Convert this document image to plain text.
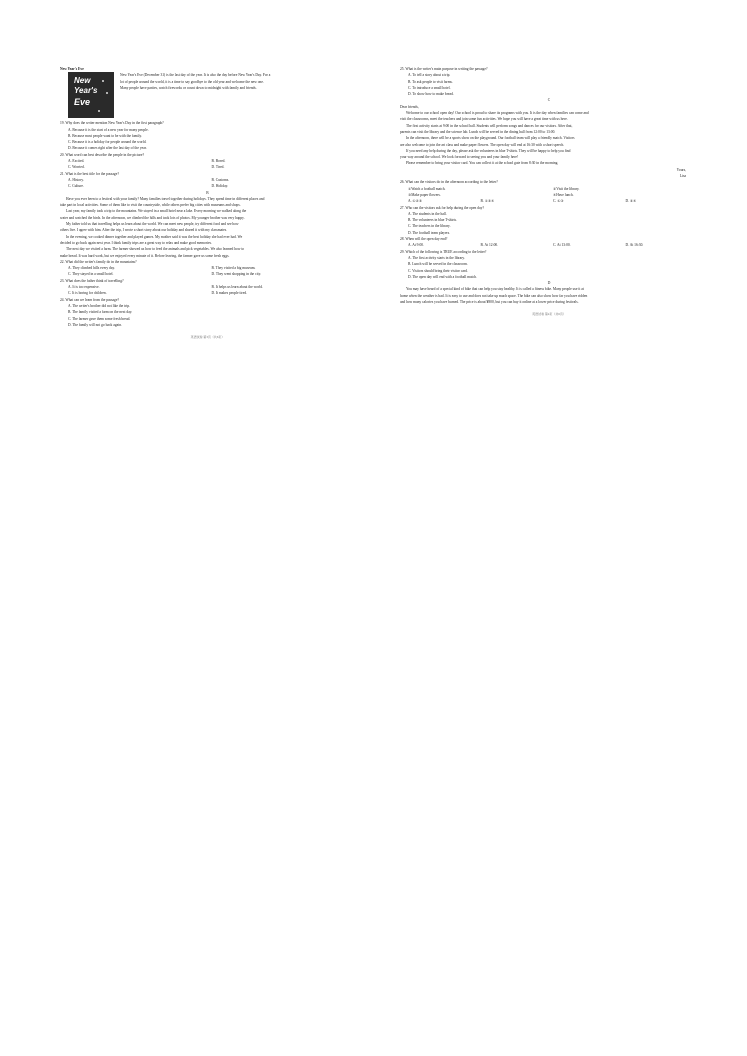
New Year's Eve
New
Year's
Eve
New Year's Eve (December 31) is the last day of the year. It is also the day before New Year's Day. For a
lot of people around the world, it is a time to say goodbye to the old year and welcome the new one.
Many people have parties, watch fireworks or count down to midnight with family and friends.
19. Why does the writer mention New Year's Day in the first paragraph?
A. Because it is the start of a new year for many people.
B. Because most people want to be with the family.
C. Because it is a holiday for people around the world.
D. Because it comes right after the last day of the year.
20. What word can best describe the people in the picture?
A. Excited.	B. Bored.
C. Worried.	D. Tired.
21. What is the best title for the passage?
A. History.	B. Customs.
C. Culture.	D. Holiday.
B
Have you ever been to a festival with your family? Many families travel together during holidays. They spend time in different places and
take part in local activities. Some of them like to visit the countryside, while others prefer big cities with museums and shops.
Last year, my family took a trip to the mountains. We stayed in a small hotel near a lake. Every morning we walked along the
water and watched the birds. In the afternoon, we climbed the hills and took lots of photos. My younger brother was very happy.
My father told us that travelling helps us learn about the world. We can meet new people, try different food and see how
others live. I agree with him. After the trip, I wrote a short story about our holiday and shared it with my classmates.
In the evening, we cooked dinner together and played games. My mother said it was the best holiday she had ever had. We
decided to go back again next year. I think family trips are a great way to relax and make good memories.
The next day we visited a farm. The farmer showed us how to feed the animals and pick vegetables. We also learned how to
make bread. It was hard work, but we enjoyed every minute of it. Before leaving, the farmer gave us some fresh eggs.
22. What did the writer's family do in the mountains?
A. They climbed hills every day.	B. They visited a big museum.
C. They stayed in a small hotel.	D. They went shopping in the city.
23. What does the father think of travelling?
A. It is too expensive.	B. It helps us learn about the world.
C. It is boring for children.	D. It makes people tired.
24. What can we learn from the passage?
A. The writer's brother did not like the trip.
B. The family visited a farm on the next day.
C. The farmer gave them some fresh bread.
D. The family will not go back again.
英语试卷 第3页（共6页）
25. What is the writer's main purpose in writing the passage?
A. To tell a story about a trip.
B. To ask people to visit farms.
C. To introduce a small hotel.
D. To show how to make bread.
C
Dear friends,
Welcome to our school open day! Our school is proud to share its programs with you. It is the day when families can come and
visit the classrooms, meet the teachers and join some fun activities. We hope you will have a great time with us here.
The first activity starts at 9:00 in the school hall. Students will perform songs and dances for our visitors. After that,
parents can visit the library and the science lab. Lunch will be served in the dining hall from 12:00 to 13:00.
In the afternoon, there will be a sports show on the playground. Our football team will play a friendly match. Visitors
are also welcome to join the art class and make paper flowers. The open day will end at 16:30 with a short speech.
If you need any help during the day, please ask the volunteers in blue T-shirts. They will be happy to help you find
your way around the school. We look forward to seeing you and your family here!
Please remember to bring your visitor card. You can collect it at the school gate from 8:30 in the morning.
Yours,
Lisa
26. What can the visitors do in the afternoon according to the letter?
①Watch a football match.	②Visit the library.
③Make paper flowers.	④Have lunch.
A. ①②③	B. ①③④	C. ①③	D. ②④
27. Who can the visitors ask for help during the open day?
A. The students in the hall.
B. The volunteers in blue T-shirts.
C. The teachers in the library.
D. The football team players.
28. When will the open day end?
A. At 9:00.	B. At 12:00.	C. At 13:00.	D. At 16:30.
29. Which of the following is TRUE according to the letter?
A. The first activity starts in the library.
B. Lunch will be served in the classroom.
C. Visitors should bring their visitor card.
D. The open day will end with a football match.
D
You may have heard of a special kind of bike that can help you stay healthy. It is called a fitness bike. Many people use it at
home when the weather is bad. It is easy to use and does not take up much space. The bike can also show how far you have ridden
and how many calories you have burned. The price is about ¥800, but you can buy it online at a lower price during festivals.
英语试卷 第4页（共6页）
